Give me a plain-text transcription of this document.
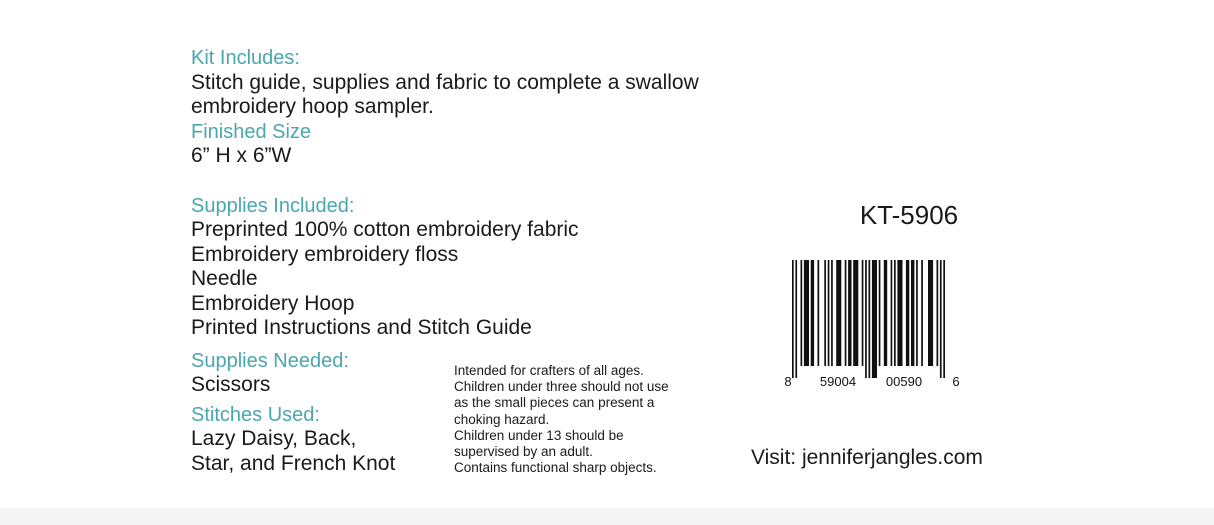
Kit Includes:

Stitch guide, supplies and fabric to complete a swallow

embroidery hoop sampler.

Finished Size

6” H x 6”W

Supplies Included:

Preprinted 100% cotton embroidery fabric

Embroidery embroidery floss

Needle

Embroidery Hoop

Printed Instructions and Stitch Guide

Supplies Needed:

Scissors

Stitches Used:

Lazy Daisy, Back,

Star, and French Knot

Intended for crafters of all ages.

Children under three should not use

as the small pieces can present a

choking hazard.

Children under 13 should be

supervised by an adult.

Contains functional sharp objects.

KT-5906
8 59004 00590 6
Visit: jenniferjangles.com
